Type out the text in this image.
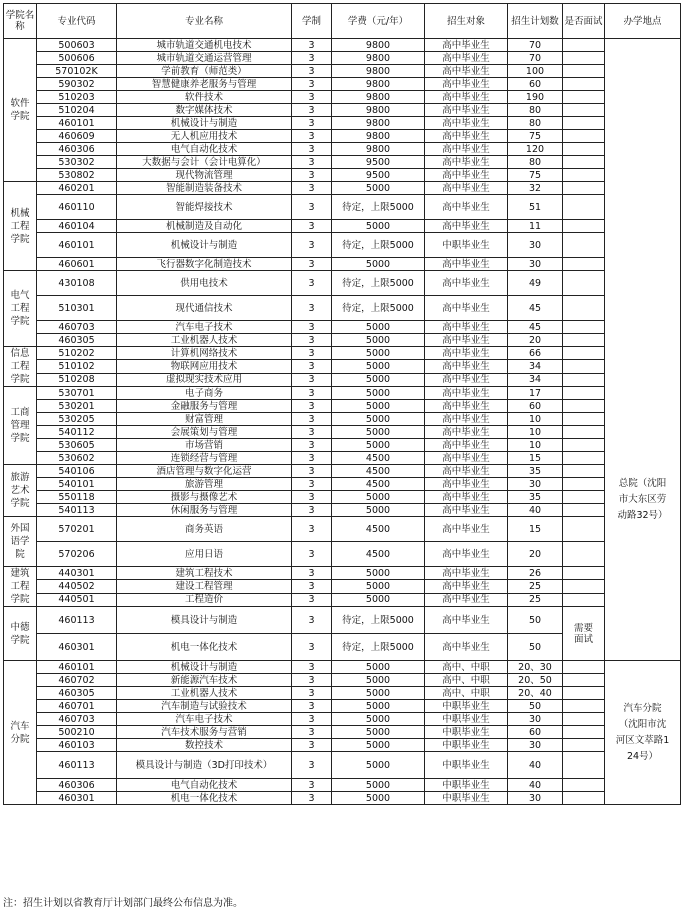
学院名称	专业代码	专业名称	学制	学费（元/年）	招生对象	招生计划数	是否面试	办学地点
软件学院	500603	城市轨道交通机电技术	3	9800	高中毕业生	70		总院（沈阳市大东区劳动路32号）
	500606	城市轨道交通运营管理	3	9800	高中毕业生	70		
	570102K	学前教育（师范类）	3	9800	高中毕业生	100		
	590302	智慧健康养老服务与管理	3	9800	高中毕业生	60		
	510203	软件技术	3	9800	高中毕业生	190		
	510204	数字媒体技术	3	9800	高中毕业生	80		
	460101	机械设计与制造	3	9800	高中毕业生	80		
	460609	无人机应用技术	3	9800	高中毕业生	75		
	460306	电气自动化技术	3	9800	高中毕业生	120		
	530302	大数据与会计（会计电算化）	3	9500	高中毕业生	80		
	530802	现代物流管理	3	9500	高中毕业生	75		
机械工程学院	460201	智能制造装备技术	3	5000	高中毕业生	32		
	460110	智能焊接技术	3	待定，上限5000	高中毕业生	51		
	460104	机械制造及自动化	3	5000	高中毕业生	11		
	460101	机械设计与制造	3	待定，上限5000	中职毕业生	30		
	460601	飞行器数字化制造技术	3	5000	高中毕业生	30		
电气工程学院	430108	供用电技术	3	待定，上限5000	高中毕业生	49		
	510301	现代通信技术	3	待定，上限5000	高中毕业生	45		
	460703	汽车电子技术	3	5000	高中毕业生	45		
	460305	工业机器人技术	3	5000	高中毕业生	20		
信息工程学院	510202	计算机网络技术	3	5000	高中毕业生	66		
	510102	物联网应用技术	3	5000	高中毕业生	34		
	510208	虚拟现实技术应用	3	5000	高中毕业生	34		
工商管理学院	530701	电子商务	3	5000	高中毕业生	17		
	530201	金融服务与管理	3	5000	高中毕业生	60		
	530205	财富管理	3	5000	高中毕业生	10		
	540112	会展策划与管理	3	5000	高中毕业生	10		
	530605	市场营销	3	5000	高中毕业生	10		
	530602	连锁经营与管理	3	4500	高中毕业生	15		
旅游艺术学院	540106	酒店管理与数字化运营	3	4500	高中毕业生	35		
	540101	旅游管理	3	4500	高中毕业生	30		
	550118	摄影与摄像艺术	3	5000	高中毕业生	35		
	540113	休闲服务与管理	3	5000	高中毕业生	40		
外国语学院	570201	商务英语	3	4500	高中毕业生	15		
	570206	应用日语	3	4500	高中毕业生	20		
建筑工程学院	440301	建筑工程技术	3	5000	高中毕业生	26		
	440502	建设工程管理	3	5000	高中毕业生	25		
	440501	工程造价	3	5000	高中毕业生	25		
中德学院	460113	模具设计与制造	3	待定，上限5000	高中毕业生	50	需要面试	
	460301	机电一体化技术	3	待定，上限5000	高中毕业生	50		
汽车分院	460101	机械设计与制造	3	5000	高中、中职	20、30		汽车分院（沈阳市沈河区文萃路124号）
	460702	新能源汽车技术	3	5000	高中、中职	20、50		
	460305	工业机器人技术	3	5000	高中、中职	20、40		
	460701	汽车制造与试验技术	3	5000	中职毕业生	50		
	460703	汽车电子技术	3	5000	中职毕业生	30		
	500210	汽车技术服务与营销	3	5000	中职毕业生	60		
	460103	数控技术	3	5000	中职毕业生	30		
	460113	模具设计与制造（3D打印技术）	3	5000	中职毕业生	40		
	460306	电气自动化技术	3	5000	中职毕业生	40		
	460301	机电一体化技术	3	5000	中职毕业生	30		
注：招生计划以省教育厅计划部门最终公布信息为准。
